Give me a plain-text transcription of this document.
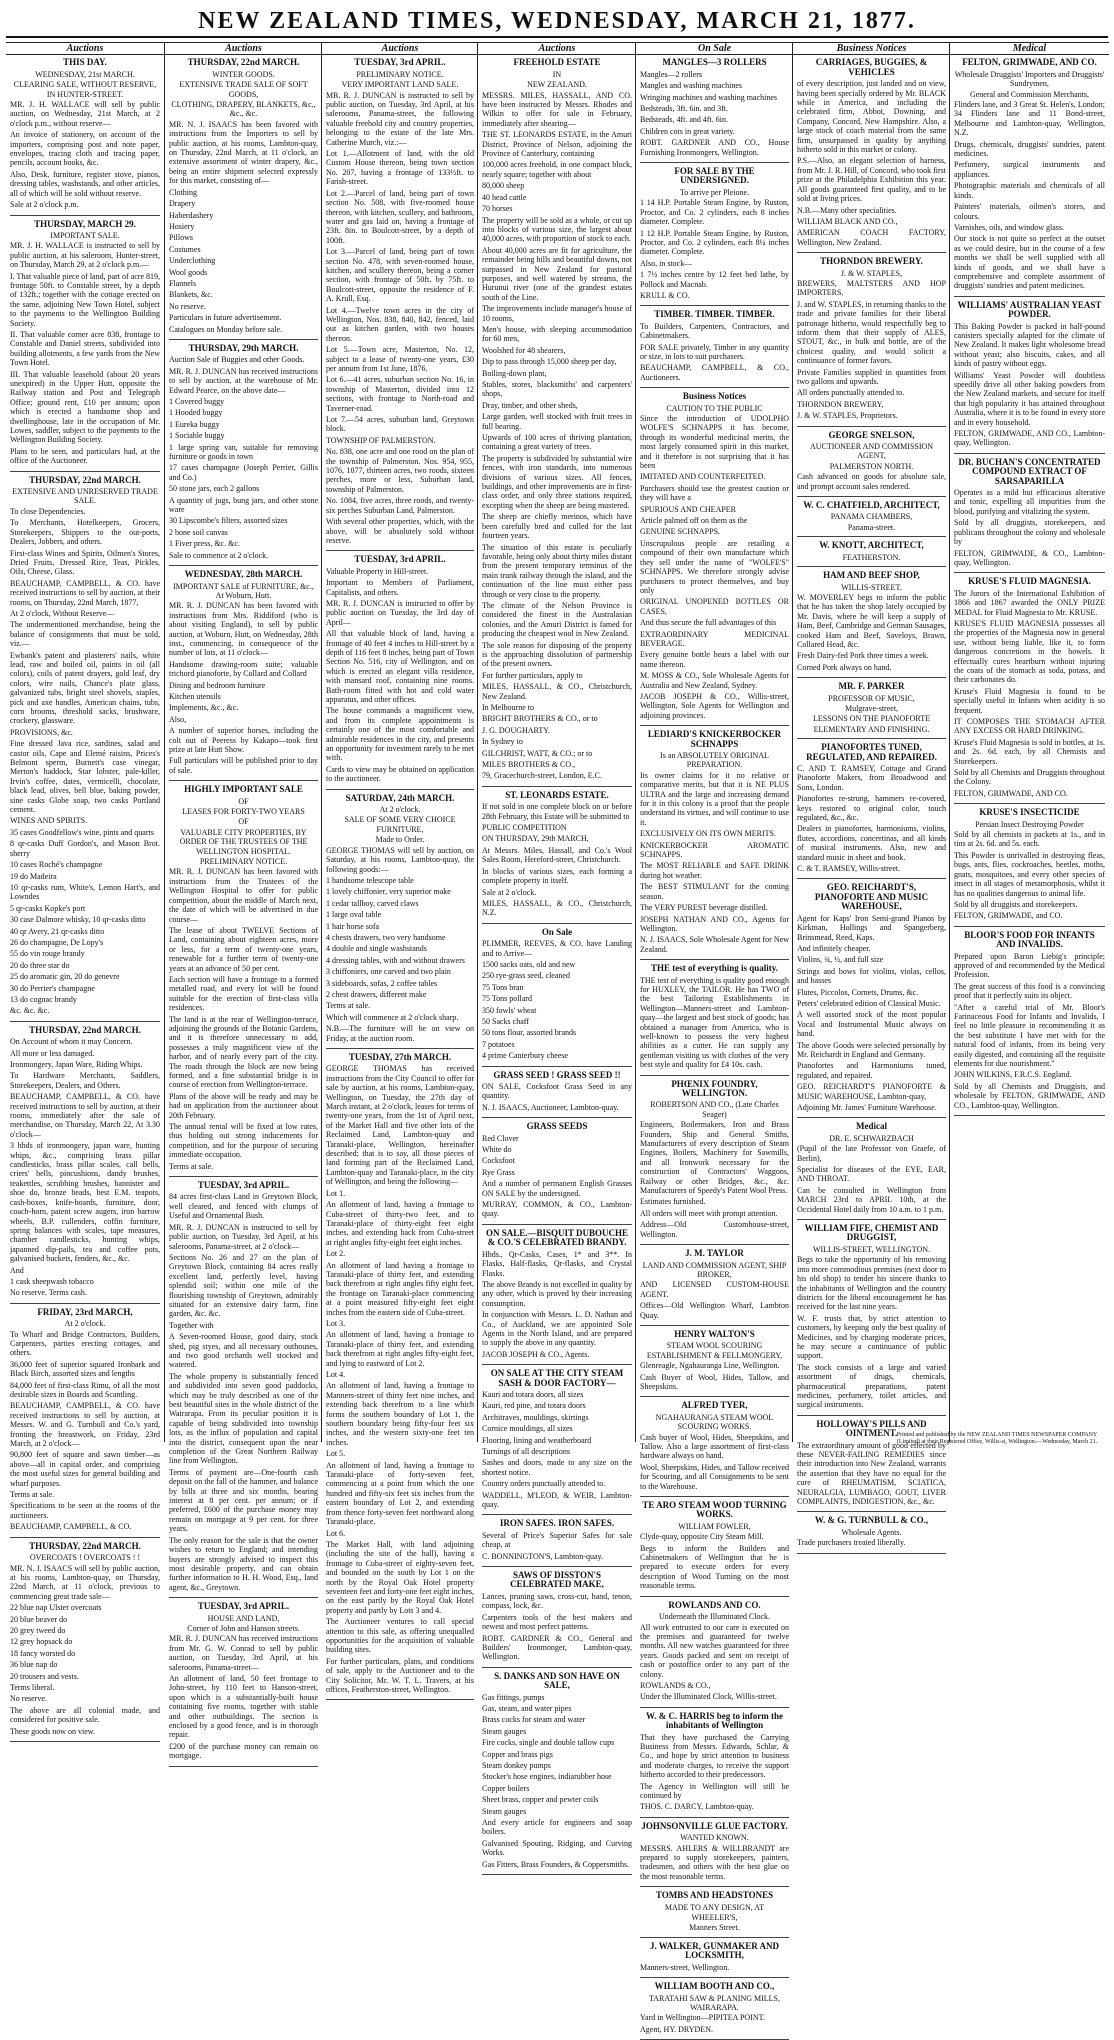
NEW ZEALAND TIMES, WEDNESDAY, MARCH 21, 1877.
Auctions
THIS DAY.
WEDNESDAY, 21st MARCH.
CLEARING SALE, WITHOUT RESERVE, IN HUNTER-STREET.

MR. J. H. WALLACE will sell by public auction, on Wednesday, 21st March, at 2 o'clock p.m., without reserve—

An invoice of stationery, on account of the importers, comprising post and note paper, envelopes, tracing cloth and tracing paper, pencils, account books, &c.

Also, Desk, furniture, register stove, pianos, dressing tables, washstands, and other articles, all of which will be sold without reserve.

Sale at 2 o'clock p.m.

THURSDAY, MARCH 29.
IMPORTANT SALE.

MR. J. H. WALLACE is instructed to sell by public auction, at his saleroom, Hunter-street, on Thursday, March 29, at 2 o'clock p.m.—

I. That valuable piece of land, part of acre 819, frontage 50ft. to Constable street, by a depth of 132ft.; together with the cottage erected on the same, adjoining New Town Hotel, subject to the payments to the Wellington Building Society.

II. That valuable corner acre 838, frontage to Constable and Daniel streets, subdivided into building allotments, a few yards from the New Town Hotel.

III. That valuable leasehold (about 20 years unexpired) in the Upper Hutt, opposite the Railway station and Post and Telegraph Office; ground rent, £10 per annum; upon which is erected a handsome shop and dwellinghouse, late in the occupation of Mr. Lowes, saddler, subject to the payments to the Wellington Building Society.

Plans to be seen, and particulars had, at the office of the Auctioneer.

THURSDAY, 22nd MARCH.
EXTENSIVE AND UNRESERVED TRADE SALE.

To close Dependencies.

To Merchants, Hotelkeepers, Grocers, Storekeepers, Shippers to the out-ports, Dealers, Jobbers, and others.

First-class Wines and Spirits, Oilmen's Stores, Dried Fruits, Dressed Rice, Teas, Pickles, Oils, Cheese, Glass.

BEAUCHAMP, CAMPBELL, & CO. have received instructions to sell by auction, at their rooms, on Thursday, 22nd March, 1877,

At 2 o'clock, Without Reserve—

The undermentioned merchandise, being the balance of consignments that must be sold, viz.—

Ewbank's patent and plasterers' nails, white lead, raw and boiled oil, paints in oil (all colors), coils of patent drayers, gold leaf, dry colors, wire nails, Chance's plate glass, galvanized tubs, bright steel shovels, staples, pick and axe handles, American chains, tubs, corn brooms, threshold sacks, brushware, crockery, glassware.

PROVISIONS, &c.

Fine dressed Java rice, sardines, salad and castor oils, Cape and Elemé raisins, Prices's Belmont sperm, Burnett's case vinegar, Merton's haddock, Star lobster, pale-killer, Irvin's coffee, dates, vermicelli, chocolate, black lead, olives, bell blue, baking powder, sine casks Globe soap, two casks Portland cement.

WINES AND SPIRITS.

35 cases Goodfellow's wine, pints and quarts

8 qr-casks Duff Gordon's, and Mason Brot. sherry

10 cases Roché's champagne

19 do Madeira

10 qr-casks rum, White's, Lemon Hart's, and Lowndes

5 qr-casks Kopke's port

30 case Dalmore whisky, 10 qr-casks ditto

40 qr Avery, 21 qr-casks ditto

26 do champagne, De Lopy's

55 do vin rouge brandy

20 do three star do

25 do aromatic gin, 20 do genevre

30 do Perrier's champagne

13 do cognac brandy

&c. &c. &c.

THURSDAY, 22nd MARCH.

On Account of whom it may Concern.

All more or less damaged.

Ironmongery, Japan Ware, Riding Whips.

To Hardware Merchants, Saddlers, Storekeepers, Dealers, and Others.

BEAUCHAMP, CAMPBELL, & CO. have received instructions to sell by auction, at their rooms, immediately after the sale of merchandise, on Thursday, March 22, At 3.30 o'clock—

3 hhds of ironmongery, japan ware, hunting whips, &c., comprising brass pillar candlesticks, brass pillar scales, call bells, criers' bells, pincushions, dandy brushes, teakettles, scrubbing brushes, bannister and shoe do, bronze beads, best E.M. teapots, cash-boxes, knife-boards, furniture, door, coach-horn, patent screw augers, iron barrow wheels, B.P. cullenders, coffin furniture, spring balances with scales, tape measures, chamber candlesticks, hunting whips, japanned dip-pails, tea and coffee pots, galvanised buckets, fenders, &c., &c.

And

1 cask sheepwash tobacco

No reserve. Terms cash.

FRIDAY, 23rd MARCH,
At 2 o'clock.

To Wharf and Bridge Contractors, Builders, Carpenters, parties erecting cottages, and others.

36,000 feet of superior squared Ironbark and Black Birch, assorted sizes and lengths

84,000 feet of first-class Rimu, of all the most desirable sizes in Boards and Scantling.

BEAUCHAMP, CAMPBELL, & CO. have received instructions to sell by auction, at Messrs. W. and G. Turnbull and Co.'s yard, fronting the breastwork, on Friday, 23rd March, at 2 o'clock—

90,800 feet of square and sawn timber—as above—all in capital order, and comprising the most useful sizes for general building and wharf purposes.

Terms at sale.

Specifications to be seen at the rooms of the auctioneers.

BEAUCHAMP, CAMPBELL, & CO.

THURSDAY, 22nd MARCH.
OVERCOATS ! OVERCOATS ! !

MR. N. J. ISAACS will sell by public auction, at his rooms, Lambton-quay, on Thursday, 22nd March, at 11 o'clock, previous to commencing great trade sale—

22 blue nap Ulster overcoats

20 blue beaver do

20 grey tweed do

12 grey hopsack do

18 fancy worsted do

36 blue nap do

20 trousers and vests.

Terms liberal.

No reserve.

The above are all colonial made, and considered for positive sale.

These goods now on view.

Auctions
THURSDAY, 22nd MARCH.
WINTER GOODS.
EXTENSIVE TRADE SALE OF SOFT GOODS,
CLOTHING, DRAPERY, BLANKETS, &c., &c., &c.

MR. N. J. ISAACS has been favored with instructions from the Importers to sell by public auction, at his rooms, Lambton-quay, on Thursday, 22nd March, at 11 o'clock, an extensive assortment of winter drapery, &c., being an entire shipment selected expressly for this market, consisting of—

Clothing

Drapery

Haberdashery

Hosiery

Pillows

Costumes

Underclothing

Wool goods

Flannels

Blankets, &c.

No reserve.

Particulars in future advertisement.

Catalogues on Monday before sale.

THURSDAY, 29th MARCH.

Auction Sale of Buggies and other Goods.

MR. R. J. DUNCAN has received instructions to sell by auction, at the warehouse of Mr. Edward Pearce, on the above date—

1 Covered buggy

1 Hooded buggy

1 Eureka buggy

1 Sociable buggy

1 large spring van, suitable for removing furniture or goods in town

17 cases champagne (Joseph Perrier, Gillis and Co.)

50 stone jars, each 2 gallons

A quantity of jugs, bung jars, and other stone ware

30 Lipscombe's filters, assorted sizes

2 bone soil canvas

1 Fiver press, &c. &c.

Sale to commence at 2 o'clock.

WEDNESDAY, 28th MARCH.
IMPORTANT SALE of FURNITURE, &c., At Woburn, Hutt.

MR. R. J. DUNCAN has been favored with instructions from Mrs. Riddiford (who is about visiting England), to sell by public auction, at Woburn, Hutt, on Wednesday, 28th inst., commencing, in consequence of the number of lots, at 11 o'clock—

Handsome drawing-room suite; valuable trichord pianoforte, by Collard and Collard

Dining and bedroom furniture

Kitchen utensils

Implements, &c., &c.

Also,

A number of superior horses, including the colt out of Peeress by Kakapo—took first prize at late Hutt Show.

Full particulars will be published prior to day of sale.

HIGHLY IMPORTANT SALE
OF
LEASES FOR FORTY-TWO YEARS
OF
VALUABLE CITY PROPERTIES, BY ORDER OF THE TRUSTEES OF THE WELLINGTON HOSPITAL.
PRELIMINARY NOTICE.

MR. R. J. DUNCAN has been favored with instructions from the Trustees of the Wellington Hospital to offer for public competition, about the middle of March next, the date of which will be advertised in due course—

The lease of about TWELVE Sections of Land, containing about eighteen acres, more or less, for a term of twenty-one years, renewable for a further term of twenty-one years at an advance of 50 per cent.

Each section will have a frontage to a formed metalled road, and every lot will be found suitable for the erection of first-class villa residences.

The land is at the rear of Wellington-terrace, adjoining the grounds of the Botanic Gardens, and it is therefore unnecessary to add, possesses a truly magnificent view of the harbor, and of nearly every part of the city. The roads through the block are now being formed, and a fine substantial bridge is in course of erection from Wellington-terrace.

Plans of the above will be ready and may be had on application from the auctioneer about 20th February.

The annual rental will be fixed at low rates, thus holding out strong inducements for competition, and for the purpose of securing immediate occupation.

Terms at sale.

TUESDAY, 3rd APRIL.

84 acres first-class Land in Greytown Block, well cleared, and fenced with clumps of Useful and Ornamental Bush.

MR. R. J. DUNCAN is instructed to sell by public auction, on Tuesday, 3rd April, at his salerooms, Panama-street, at 2 o'clock—

Sections No. 26 and 27 on the plan of Greytown Block, containing 84 acres really excellent land, perfectly level, having splendid soil; within one mile of the flourishing township of Greytown, admirably situated for an extensive dairy farm, fine garden, &c. &c.

Together with

A Seven-roomed House, good dairy, stock shed, pig styes, and all necessary outhouses, and two good orchards well stocked and watered.

The whole property is substantially fenced and subdivided into seven good paddocks, which may be truly described as one of the best beautiful sites in the whole district of the Wairarapa. From its peculiar position it is capable of being subdivided into township lots, as the influx of population and capital into the district, consequent upon the near completion of the Great Northern Railway line from Wellington.

Terms of payment are—One-fourth cash deposit on the fall of the hammer, and balance by bills at three and six months, bearing interest at 8 per cent. per annum; or if preferred, £600 of the purchase money may remain on mortgage at 9 per cent. for three years.

The only reason for the sale is that the owner wishes to return to England; and intending buyers are strongly advised to inspect this most desirable property, and can obtain further information to H. H. Wood, Esq., land agent, &c., Greytown.

TUESDAY, 3rd APRIL.
HOUSE AND LAND,
Corner of John and Hanson streets.

MR. R. J. DUNCAN has received instructions from Mr. G. W. Conrad to sell by public auction, on Tuesday, 3rd April, at his salerooms, Panama-street—

An allotment of land, 50 feet frontage to John-street, by 110 feet to Hanson-street, upon which is a substantially-built house containing five rooms, together with stable and other outbuildings. The section is enclosed by a good fence, and is in thorough repair.

£200 of the purchase money can remain on mortgage.

Auctions
TUESDAY, 3rd APRIL.
PRELIMINARY NOTICE.
VERY IMPORTANT LAND SALE.

MR. R. J. DUNCAN is instructed to sell by public auction, on Tuesday, 3rd April, at his salerooms, Panama-street, the following valuable freehold city and country properties, belonging to the estate of the late Mrs. Catherine Murch, viz.:—

Lot 1.—Allotment of land, with the old Custom House thereon, being town section No. 207, having a frontage of 133½ft. to Farish-street.

Lot 2.—Parcel of land, being part of town section No. 508, with five-roomed house thereon, with kitchen, scullery, and bathroom, water and gas laid on, having a frontage of 23ft. 8in. to Boulcott-street, by a depth of 100ft.

Lot 3.—Parcel of land, being part of town section No. 478, with seven-roomed house, kitchen, and scullery thereon, being a corner section, with frontage of 50ft. by 75ft. to Boulcott-street, opposite the residence of F. A. Krull, Esq.

Lot 4.—Twelve town acres in the city of Wellington, Nos. 838, 840, 842, fenced, laid out as kitchen garden, with two houses thereon.

Lot 5.—Town acre, Masterton, No. 12, subject to a lease of twenty-one years, £30 per annum from 1st June, 1876.

Lot 6.—41 acres, suburban section No. 16, in township of Masterton, divided into 12 sections, with frontage to North-road and Taverner-road.

Lot 7.—54 acres, suburban land, Greytown block.

TOWNSHIP OF PALMERSTON.

No. 838, one acre and one rood on the plan of the township of Palmerston. Nos. 954, 955, 1076, 1077, thirteen acres, two roods, sixteen perches, more or less, Suburban land, township of Palmerston.

No. 1084, five acres, three roods, and twenty-six perches Suburban Land, Palmerston.

With several other properties, which, with the above, will be absolutely sold without reserve.

TUESDAY, 3rd APRIL.

Valuable Property in Hill-street.

Important to Members of Parliament, Capitalists, and others.

MR. R. J. DUNCAN is instructed to offer by public auction on Tuesday, the 3rd day of April—

All that valuable block of land, having a frontage of 40 feet 4 inches to Hill-street by a depth of 116 feet 8 inches, being part of Town Section No. 516, city of Wellington, and on which is erected an elegant villa residence, with mansard roof, containing nine rooms. Bath-room fitted with hot and cold water apparatus, and other offices.

The house commands a magnificent view, and from its complete appointments is certainly one of the most comfortable and admirable residences in the city, and presents an opportunity for investment rarely to be met with.

Cards to view may be obtained on application to the auctioneer.

SATURDAY, 24th MARCH.
At 2 o'clock.
SALE OF SOME VERY CHOICE FURNITURE,
Made to Order.

GEORGE THOMAS will sell by auction, on Saturday, at his rooms, Lambton-quay, the following goods:—

1 handsome telescope table

1 lovely chiffonier, very superior make

1 cedar tallboy, carved claws

1 large oval table

1 hair horse sofa

4 chests drawers, two very handsome

4 double and single washstands

4 dressing tables, with and without drawers

3 chiffoniers, one carved and two plain

3 sideboards, sofas, 2 coffee tables

2 chest drawers, different make

Terms at sale.

Which will commence at 2 o'clock sharp.

N.B.—The furniture will be on view on Friday, at the auction room.

TUESDAY, 27th MARCH.

GEORGE THOMAS has received instructions from the City Council to offer for sale by auction, at his rooms, Lambton-quay, Wellington, on Tuesday, the 27th day of March instant, at 2 o'clock, leases for terms of twenty-one years, from the 1st of April next, of the Market Hall and five other lots of the Reclaimed Land, Lambton-quay and Taranaki-place, Wellington, hereinafter described; that is to say, all those pieces of land forming part of the Reclaimed Land, Lambton-quay and Taranaki-place, in the city of Wellington, and being the following—

Lot 1.

An allotment of land, having a frontage to Cuba-street of thirty-two feet, and to Taranaki-place of thirty-eight feet eight inches, and extending back from Cuba-street at right angles fifty-eight feet eight inches.

Lot 2.

An allotment of land having a frontage to Taranaki-place of thirty feet, and extending back therefrom at right angles fifty eight feet, the frontage on Taranaki-place commencing at a point measured fifty-eight feet eight inches from the eastern side of Cuba-street.

Lot 3.

An allotment of land, having a frontage to Taranaki-place of thirty feet, and extending back therefrom at right angles fifty-eight feet, and lying to eastward of Lot 2.

Lot 4.

An allotment of land, having a frontage to Manners-street of thirty feet nine inches, and extending back therefrom to a line which forms the southern boundary of Lot 1, the southern boundary being fifty-four feet six inches, and the western sixty-one feet ten inches.

Lot 5.

An allotment of land, having a frontage to Taranaki-place of forty-seven feet, commencing at a point from which the one hundred and fifty-six feet six inches from the eastern boundary of Lot 2, and extending from thence forty-seven feet northward along Taranaki-place.

Lot 6.

The Market Hall, with land adjoining (including the site of the hall), having a frontage to Cuba-street of eighty-seven feet, and bounded on the south by Lot 1 on the north by the Royal Oak Hotel property seventeen feet and forty-one feet eight inches, on the east partly by the Royal Oak Hotel property and partly by Lots 3 and 4.

The Auctioneer ventures to call special attention to this sale, as offering unequalled opportunities for the acquisition of valuable building sites.

For further particulars, plans, and conditions of sale, apply to the Auctioneer and to the City Solicitor, Mr. W. T. L. Travers, at his offices, Featherston-street, Wellington.

Auctions
FREEHOLD ESTATE
IN
NEW ZEALAND.

MESSRS. MILES, HASSALL, AND CO. have been instructed by Messrs. Rhodes and Wilkin to offer for sale in February, immediately after shearing—

THE ST. LEONARDS ESTATE, in the Amuri District, Province of Nelson, adjoining the Province of Canterbury, containing

100,000 acres freehold, in one compact block, nearly square; together with about

80,000 sheep

40 head cattle

70 horses

The property will be sold as a whole, or cut up into blocks of various size, the largest about 40,000 acres, with proportion of stock to each.

About 40,000 acres are fit for agriculture, the remainder being hills and beautiful downs, not surpassed in New Zealand for pastoral purposes, and well watered by streams, the Hurunui river (one of the grandest estates south of the Line.

The improvements include manager's house of 10 rooms,

Men's house, with sleeping accommodation for 60 men,

Woolshed for 48 shearers,

Dip to pass through 15,000 sheep per day,

Boiling-down plant,

Stables, stores, blacksmiths' and carpenters' shops,

Dray, timber, and other sheds,

Large garden, well stocked with fruit trees in full bearing.

Upwards of 100 acres of thriving plantation, containing a great variety of trees.

The property is subdivided by substantial wire fences, with iron standards, into numerous divisions of various sizes. All fences, buildings, and other improvements are in first-class order, and only three stations required, excepting when the sheep are being mustered.

The sheep are chiefly merinos, which have been carefully bred and culled for the last fourteen years.

The situation of this estate is peculiarly favorable, being only about thirty miles distant from the present temporary terminus of the main trunk railway through the island, and the continuation of the line must either pass through or very close to the property.

The climate of the Nelson Province is considered the finest in the Australasian colonies, and the Amuri District is famed for producing the cheapest wool in New Zealand.

The sole reason for disposing of the property is the approaching dissolution of partnership of the present owners.

For further particulars, apply to

MILES, HASSALL, & CO., Christchurch, New Zealand.

In Melbourne to

BRIGHT BROTHERS & CO., or to

J. G. DOUGHARTY.

In Sydney to

GILCHRIST, WATT, & CO.; or to

MILES BROTHERS & CO.,

79, Gracechurch-street, London, E.C.

ST. LEONARDS ESTATE.

If not sold in one complete block on or before 28th February, this Estate will be submitted to

PUBLIC COMPETITION

ON THURSDAY, 29th MARCH,

At Messrs. Miles, Hassall, and Co.'s Wool Sales Room, Hereford-street, Christchurch.

In blocks of various sizes, each forming a complete property in itself.

Sale at 2 o'clock.

MILES, HASSALL, & CO., Christchurch, N.Z.

On Sale

PLIMMER, REEVES, & CO. have Landing and to Arrive—

1500 sacks oats, old and new

250 rye-grass seed, cleaned

75 Tons bran

75 Tons pollard

350 fowls' wheat

50 Sacks chaff

50 tons flour, assorted brands

7 potatoes

4 prime Canterbury cheese

GRASS SEED ! GRASS SEED !!

ON SALE, Cocksfoot Grass Seed in any quantity.

N. J. ISAACS, Auctioneer, Lambton-quay.

GRASS SEEDS

Red Clover

White do

Cocksfoot

Rye Grass

And a number of permanent English Grasses ON SALE by the undersigned.

MURRAY, COMMON, & CO., Lambton-quay.

ON SALE.—BISQUIT DUBOUCHE & CO.'S CELEBRATED BRANDY.

Hhds., Qr-Casks, Cases, 1* and 3**. In Flasks, Half-flasks, Qr-flasks, and Crystal Flasks.

The above Brandy is not excelled in quality by any other, which is proved by their increasing consumption.

In conjunction with Messrs. L. D. Nathan and Co., of Auckland, we are appointed Sole Agents in the North Island, and are prepared to supply the above in any quantity.

JACOB JOSEPH & CO., Agents.

ON SALE AT THE CITY STEAM SASH & DOOR FACTORY—

Kauri and totara doors, all sizes

Kauri, red pine, and totara doors

Architraves, mouldings, skirtings

Cornice mouldings, all sizes

Flooring, lining and weatherboard

Turnings of all descriptions

Sashes and doors, made to any size on the shortest notice.

Country orders punctually attended to.

WADDELL, M'LEOD, & WEIR, Lambton-quay.

IRON SAFES. IRON SAFES.

Several of Price's Superior Safes for sale cheap, at

C. BONNINGTON'S, Lambton-quay.

SAWS OF DISSTON'S CELEBRATED MAKE,

Lances, pruning saws, cross-cut, hand, tenon, compass, lock, &c.

Carpenters tools of the best makers and newest and most perfect patterns.

ROBT. GARDNER & CO., General and Builders' Ironmonger, Lambton-quay, Wellington.

S. DANKS AND SON HAVE ON SALE,

Gas fittings, pumps

Gas, steam, and water pipes

Brass cocks for steam and water

Steam gauges

Fire cocks, single and double tallow cups

Copper and brass pigs

Steam donkey pumps

Stocker's hose engines, indiarubber hose

Copper boilers

Sheet brass, copper and pewter coils

Steam gauges

And every article for engineers and soap boilers.

Galvanised Spouting, Ridging, and Curving Works.

Gas Fitters, Brass Founders, & Coppersmiths.

On Sale
MANGLES—3 ROLLERS

Mangles—2 rollers

Mangles and washing machines

Wringing machines and washing machines

Bedsteads, 3ft. 6in. and 3ft.

Bedsteads, 4ft. and 4ft. 6in.

Children cots in great variety.

ROBT. GARDNER AND CO., House Furnishing Ironmongers, Wellington.

FOR SALE BY THE UNDERSIGNED.
To arrive per Pleione.

1 14 H.P. Portable Steam Engine, by Ruston, Proctor, and Co. 2 cylinders, each 8 inches diameter. Complete.

1 12 H.P. Portable Steam Engine, by Ruston, Proctor, and Co. 2 cylinders, each 8¼ inches diameter. Complete.

Also, in stock—

1 7½ inches centre by 12 feet bed lathe, by Pollock and Macnab.

KRULL & CO.

TIMBER. TIMBER. TIMBER.

To Builders, Carpenters, Contractors, and Cabinetmakers.

FOR SALE privately, Timber in any quantity or size, in lots to suit purchasers.

BEAUCHAMP, CAMPBELL, & CO., Auctioneers.

Business Notices
CAUTION TO THE PUBLIC

Since the introduction of UDOLPHO WOLFE'S SCHNAPPS it has become, through its wonderful medicinal merits, the most largely consumed spirit in this market, and it therefore is not surprising that it has been

IMITATED AND COUNTERFEITED.

Purchasers should use the greatest caution or they will have a

SPURIOUS AND CHEAPER

Article palmed off on them as the

GENUINE SCHNAPPS.

Unscrupulous people are retailing a compound of their own manufacture which they sell under the name of "WOLFE'S" SCHNAPPS. We therefore strongly advise purchasers to protect themselves, and buy only

ORIGINAL UNOPENED BOTTLES OR CASES,

And thus secure the full advantages of this

EXTRAORDINARY MEDICINAL BEVERAGE.

Every genuine bottle bears a label with our name thereon.

M. MOSS & CO., Sole Wholesale Agents for Australia and New Zealand, Sydney.

JACOB JOSEPH & CO., Willis-street, Wellington, Sole Agents for Wellington and adjoining provinces.

LEDIARD'S KNICKERBOCKER SCHNAPPS
Is an ABSOLUTELY ORIGINAL PREPARATION.

Its owner claims for it no relative or comparative merits, but that it is NE PLUS ULTRA and the large and increasing demand for it in this colony is a proof that the people understand its virtues, and will continue to use it.

EXCLUSIVELY ON ITS OWN MERITS.

KNICKERBOCKER AROMATIC SCHNAPPS.

The MOST RELIABLE and SAFE DRINK during hot weather.

The BEST STIMULANT for the coming season.

The VERY PUREST beverage distilled.

JOSEPH NATHAN AND CO., Agents for Wellington.

N. J. ISAACS, Sole Wholesale Agent for New Zealand.

THE test of everything is quality.

THE test of everything is quality good enough for HUXLEY, the TAILOR. He has TWO of the best Tailoring Establishments in Wellington—Manners-street and Lambton-quay—the largest and best stock of goods; has obtained a manager from America, who is well-known to possess the very highest abilities as a cutter. He can supply any gentleman visiting us with clothes of the very best style and quality for £4 10s. cash.

PHŒNIX FOUNDRY, WELLINGTON.
ROBERTSON AND CO., (Late Charles Seager)

Engineers, Boilermakers, Iron and Brass Founders, Ship and General Smiths, Manufacturers of every description of Steam Engines, Boilers, Machinery for Sawmills, and all Ironwork necessary for the construction of Contractors' Waggons, Railway or other Bridges, &c., &c. Manufacturers of Speedy's Patent Wool Press.

Estimates furnished.

All orders will meet with prompt attention.

Address—Old Customhouse-street, Wellington.

J. M. TAYLOR
LAND AND COMMISSION AGENT, SHIP BROKER,

AND LICENSED CUSTOM-HOUSE AGENT.

Offices—Old Wellington Wharf, Lambton Quay.

HENRY WALTON'S
STEAM WOOL SCOURING ESTABLISHMENT & FELLMONGERY,

Glenreagle, Ngahauranga Line, Wellington.

Cash Buyer of Wool, Hides, Tallow, and Sheepskins.

ALFRED TYER,
NGAHAURANGA STEAM WOOL SCOURING WORKS.

Cash buyer of Wool, Hides, Sheepskins, and Tallow. Also a large assortment of first-class hardware always on hand.

Wool, Sheepskins, Hides, and Tallow received for Scouring, and all Consignments to be sent to the Warehouse.

TE ARO STEAM WOOD TURNING WORKS.
WILLIAM FOWLER,

Clyde-quay, opposite City Steam Mill.

Begs to inform the Builders and Cabinetmakers of Wellington that he is prepared to execute orders for every description of Wood Turning on the most reasonable terms.

ROWLANDS AND CO.
Underneath the Illuminated Clock.

All work entrusted to our care is executed on the premises and guaranteed for twelve months. All new watches guaranteed for three years. Goods packed and sent on receipt of cash or postoffice order to any part of the colony.

ROWLANDS & CO.,

Under the Illuminated Clock, Willis-street.

W. & C. HARRIS beg to inform the inhabitants of Wellington

That they have purchased the Carrying Business from Messrs. Edwards, Schlar, & Co., and hope by strict attention to business and moderate charges, to receive the support hitherto accorded to their predecessors.

The Agency in Wellington will still be continued by

THOS. C. DARCY, Lambton-quay.

JOHNSONVILLE GLUE FACTORY.
WANTED KNOWN.

MESSRS. AHLERS & WILLBRANDT are prepared to supply storekeepers, painters, tradesmen, and others with the best glue on the most reasonable terms.

TOMBS AND HEADSTONES
MADE TO ANY DESIGN, AT
WHEELER'S,
Manners Street.
J. WALKER, GUNMAKER AND LOCKSMITH,

Manners-street, Wellington.

WILLIAM BOOTH AND CO.,
TARATAHI SAW & PLANING MILLS, WAIRARAPA.

Yard in Wellington—PIPITEA POINT.

Agent, HY. DRYDEN.

Business Notices
CARRIAGES, BUGGIES, & VEHICLES

of every description, just landed and on view, having been specially ordered by Mr. BLACK while in America, and including the celebrated firm, Abbot, Downing, and Company, Concord, New Hampshire. Also, a large stock of coach material from the same firm, unsurpassed in quality by anything hitherto sold in this market or colony.

P.S.—Also, an elegant selection of harness, from Mr. J. R. Hill, of Concord, who took first prize at the Philadelphia Exhibition this year. All goods guaranteed first quality, and to be sold at living prices.

N.B.—Many other specialities.

WILLIAM BLACK AND CO.,

AMERICAN COACH FACTORY, Wellington, New Zealand.

THORNDON BREWERY.
J. & W. STAPLES,

BREWERS, MALTSTERS AND HOP IMPORTERS.

J. and W. STAPLES, in returning thanks to the trade and private families for their liberal patronage hitherto, would respectfully beg to inform them that their supply of ALES, STOUT, &c., in bulk and bottle, are of the choicest quality, and would solicit a continuance of former favors.

Private Families supplied in quantities from two gallons and upwards.

All orders punctually attended to.

THORNDON BREWERY,

J. & W. STAPLES, Proprietors.

GEORGE SNELSON,
AUCTIONEER AND COMMISSION AGENT,
PALMERSTON NORTH.

Cash advanced on goods for absolute sale, and prompt account sales rendered.

W. C. CHATFIELD, ARCHITECT,
PANAMA CHAMBERS,
Panama-street.
W. KNOTT, ARCHITECT,
FEATHERSTON.
HAM AND BEEF SHOP,
WILLIS-STREET.

W. MOVERLEY begs to inform the public that he has taken the shop lately occupied by Mr. Davis, where he will keep a supply of Ham, Beef, Cambridge and German Sausages, cooked Ham and Beef, Saveloys, Brawn, Collared Head, &c.

Fresh Dairy-fed Pork three times a week.

Corned Pork always on hand.

MR. F. PARKER
PROFESSOR OF MUSIC,
Mulgrave-street,
LESSONS ON THE PIANOFORTE
ELEMENTARY AND FINISHING.
PIANOFORTES TUNED, REGULATED, AND REPAIRED.

C. AND T. RAMSEY, Cottage and Grand Pianoforte Makers, from Broadwood and Sons, London.

Pianofortes re-strung, hammers re-covered, keys restored to original color, touch regulated, &c., &c.

Dealers in pianofortes, harmoniums, violins, flutes, accordions, concertinas, and all kinds of musical instruments. Also, new and standard music in sheet and book.

C. & T. RAMSEY, Willis-street.

GEO. REICHARDT'S, PIANOFORTE AND MUSIC WAREHOUSE,

Agent for Kaps' Iron Semi-grand Pianos by Kirkman, Hollings and Spangerberg, Brinsmead, Reed, Kaps.

And infinitely cheaper.

Violins, ¾, ½, and full size

Strings and bows for violins, violas, cellos, and basses

Flutes, Piccolos, Cornets, Drums, &c.

Peters' celebrated edition of Classical Music.

A well assorted stock of the most popular Vocal and Instrumental Music always on hand.

The above Goods were selected personally by Mr. Reichardt in England and Germany.

Pianofortes and Harmoniums tuned, regulated, and repaired.

GEO. REICHARDT'S PIANOFORTE & MUSIC WAREHOUSE, Lambton-quay,

Adjoining Mr. James' Furniture Warehouse.

Medical
DR. E. SCHWARZBACH

(Pupil of the late Professor von Graefe, of Berlin),

Specialist for diseases of the EYE, EAR, AND THROAT.

Can be consulted in Wellington from MARCH 23rd to APRIL 10th, at the Occidental Hotel daily from 10 a.m. to 1 p.m.

WILLIAM FIFE, CHEMIST AND DRUGGIST,
WILLIS-STREET, WELLINGTON.

Begs to take the opportunity of his removing into more commodious premises (next door to his old shop) to tender his sincere thanks to the inhabitants of Wellington and the country districts for the liberal encouragement he has received for the last nine years.

W. F. trusts that, by strict attention to customers, by keeping only the best quality of Medicines, and by charging moderate prices, he may secure a continuance of public support.

The stock consists of a large and varied assortment of drugs, chemicals, pharmaceutical preparations, patent medicines, perfumery, toilet articles, and surgical instruments.

HOLLOWAY'S PILLS AND OINTMENT.

The extraordinary amount of good effected by these NEVER-FAILING REMEDIES since their introduction into New Zealand, warrants the assertion that they have no equal for the cure of RHEUMATISM, SCIATICA, NEURALGIA, LUMBAGO, GOUT, LIVER COMPLAINTS, INDIGESTION, &c., &c.

W. & G. TURNBULL & CO.,
Wholesale Agents.

Trade purchasers treated liberally.

Medical
FELTON, GRIMWADE, AND CO.
Wholesale Druggists' Importers and Druggists' Sundrymen,
General and Commission Merchants,

Flinders lane, and 3 Great St. Helen's, London; 34 Flinders lane and 11 Bond-street, Melbourne and Lambton-quay, Wellington, N.Z.

Drugs, chemicals, druggists' sundries, patent medicines.

Perfumery, surgical instruments and appliances.

Photographic materials and chemicals of all kinds.

Painters' materials, oilmen's stores, and colours.

Varnishes, oils, and window glass.

Our stock is not quite so perfect at the outset as we could desire, but in the course of a few months we shall be well supplied with all kinds of goods, and we shall have a comprehensive and complete assortment of druggists' sundries and patent medicines.

WILLIAMS' AUSTRALIAN YEAST POWDER.

This Baking Powder is packed in half-pound canisters specially adapted for the climate of New Zealand. It makes light wholesome bread without yeast; also biscuits, cakes, and all kinds of pastry without eggs.

Williams' Yeast Powder will doubtless speedily drive all other baking powders from the New Zealand markets, and secure for itself that high popularity it has attained throughout Australia, where it is to be found in every store and in every household.

FELTON, GRIMWADE, AND CO., Lambton-quay, Wellington.

DR. BUCHAN'S CONCENTRATED COMPOUND EXTRACT OF SARSAPARILLA

Operates as a mild but efficacious alterative and tonic, expelling all impurities from the blood, purifying and vitalizing the system.

Sold by all druggists, storekeepers, and publicans throughout the colony and wholesale by

FELTON, GRIMWADE, & CO., Lambton-quay, Wellington.

KRUSE'S FLUID MAGNESIA.

The Jurors of the International Exhibition of 1866 and 1867 awarded the ONLY PRIZE MEDAL for Fluid Magnesia to Mr. KRUSE.

KRUSE'S FLUID MAGNESIA possesses all the properties of the Magnesia now in general use, without being liable, like it, to form dangerous concretions in the bowels. It effectually cures heartburn without injuring the coats of the stomach as soda, potass, and their carbonates do.

Kruse's Fluid Magnesia is found to be specially useful in Infants when acidity is so frequent.

IT COMPOSES THE STOMACH AFTER ANY EXCESS OR HARD DRINKING.

Kruse's Fluid Magnesia is sold in bottles, at 1s. and 2s. 6d. each, by all Chemists and Storekeepers.

Sold by all Chemists and Druggists throughout the Colony.

FELTON, GRIMWADE, AND CO.

KRUSE'S INSECTICIDE
Persian Insect Destroying Powder

Sold by all chemists in packets at 1s., and in tins at 2s. 6d. and 5s. each.

This Powder is unrivalled in destroying fleas, bugs, ants, flies, cockroaches, beetles, moths, gnats, mosquitoes, and every other species of insect in all stages of metamorphosis, whilst it has no qualities dangerous to animal life.

Sold by all druggists and storekeepers.

FELTON, GRIMWADE, and CO.

BLOOR'S FOOD FOR INFANTS AND INVALIDS.

Prepared upon Baron Liebig's principle; approved of and recommended by the Medical Profession.

The great success of this food is a convincing proof that it perfectly suits its object.

"After a careful trial of Mr. Bloor's Farinaceous Food for Infants and Invalids, I feel no little pleasure in recommending it as the best substitute I have met with for the natural food of infants, from its being very easily digested, and containing all the requisite elements for due nourishment."

JOHN WILKINS, F.R.C.S. England.

Sold by all Chemists and Druggists, and wholesale by FELTON, GRIMWADE, AND CO., Lambton-quay, Wellington.

Printed and published by the NEW ZEALAND TIMES NEWSPAPER COMPANY (Limited) at their Registered Office, Willis-st, Wellington.—Wednesday, March 21.
